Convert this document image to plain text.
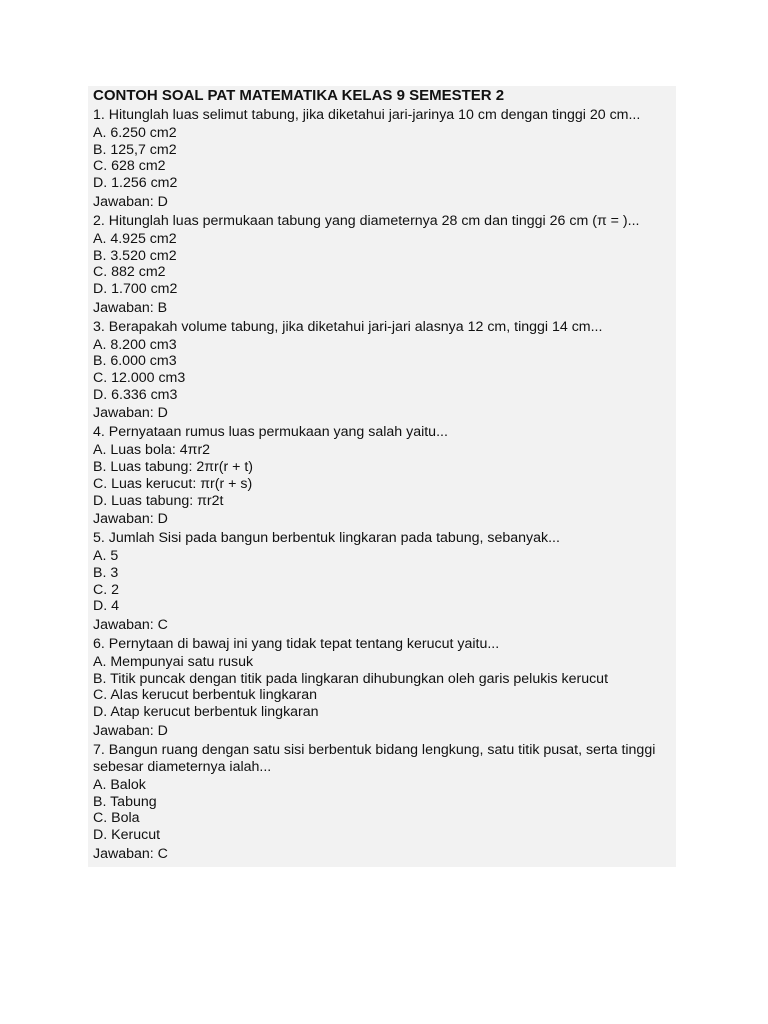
CONTOH SOAL PAT MATEMATIKA KELAS 9 SEMESTER 2
1. Hitunglah luas selimut tabung, jika diketahui jari-jarinya 10 cm dengan tinggi 20 cm...
A. 6.250 cm2
B. 125,7 cm2
C. 628 cm2
D. 1.256 cm2
Jawaban: D
2. Hitunglah luas permukaan tabung yang diameternya 28 cm dan tinggi 26 cm (π = )...
A. 4.925 cm2
B. 3.520 cm2
C. 882 cm2
D. 1.700 cm2
Jawaban: B
3. Berapakah volume tabung, jika diketahui jari-jari alasnya 12 cm, tinggi 14 cm...
A. 8.200 cm3
B. 6.000 cm3
C. 12.000 cm3
D. 6.336 cm3
Jawaban: D
4. Pernyataan rumus luas permukaan yang salah yaitu...
A. Luas bola: 4πr2
B. Luas tabung: 2πr(r + t)
C. Luas kerucut: πr(r + s)
D. Luas tabung: πr2t
Jawaban: D
5. Jumlah Sisi pada bangun berbentuk lingkaran pada tabung, sebanyak...
A. 5
B. 3
C. 2
D. 4
Jawaban: C
6. Pernytaan di bawaj ini yang tidak tepat tentang kerucut yaitu...
A. Mempunyai satu rusuk
B. Titik puncak dengan titik pada lingkaran dihubungkan oleh garis pelukis kerucut
C. Alas kerucut berbentuk lingkaran
D. Atap kerucut berbentuk lingkaran
Jawaban: D
7. Bangun ruang dengan satu sisi berbentuk bidang lengkung, satu titik pusat, serta tinggi sebesar diameternya ialah...
A. Balok
B. Tabung
C. Bola
D. Kerucut
Jawaban: C
